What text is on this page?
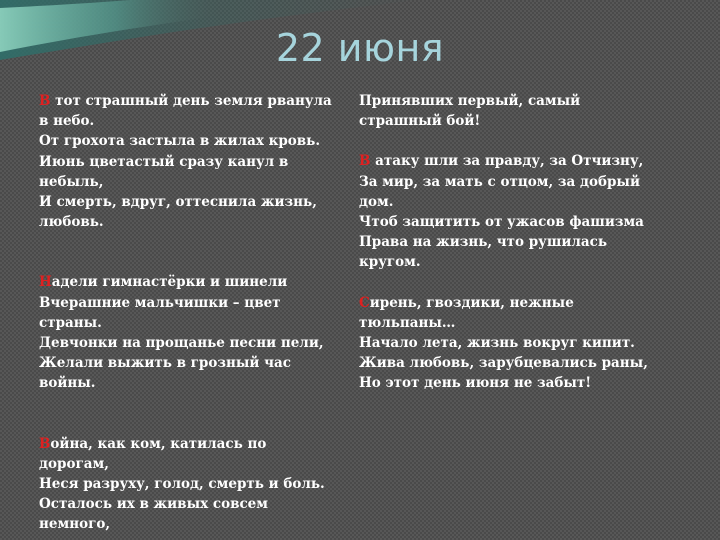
22 июня
В тот страшный день земля рванула
в небо.
От грохота застыла в жилах кровь.
Июнь цветастый сразу канул в
небыль,
И смерть, вдруг, оттеснила жизнь,
любовь.
Надели гимнастёрки и шинели
Вчерашние мальчишки – цвет
страны.
Девчонки на прощанье песни пели,
Желали выжить в грозный час
войны.
Война, как ком, катилась по
дорогам,
Неся разруху, голод, смерть и боль.
Осталось их в живых совсем
немного,
Принявших первый, самый
страшный бой!
В атаку шли за правду, за Отчизну,
За мир, за мать с отцом, за добрый
дом.
Чтоб защитить от ужасов фашизма
Права на жизнь, что рушилась
кругом.
Сирень, гвоздики, нежные
тюльпаны…
Начало лета, жизнь вокруг кипит.
Жива любовь, зарубцевались раны,
Но этот день июня не забыт!
